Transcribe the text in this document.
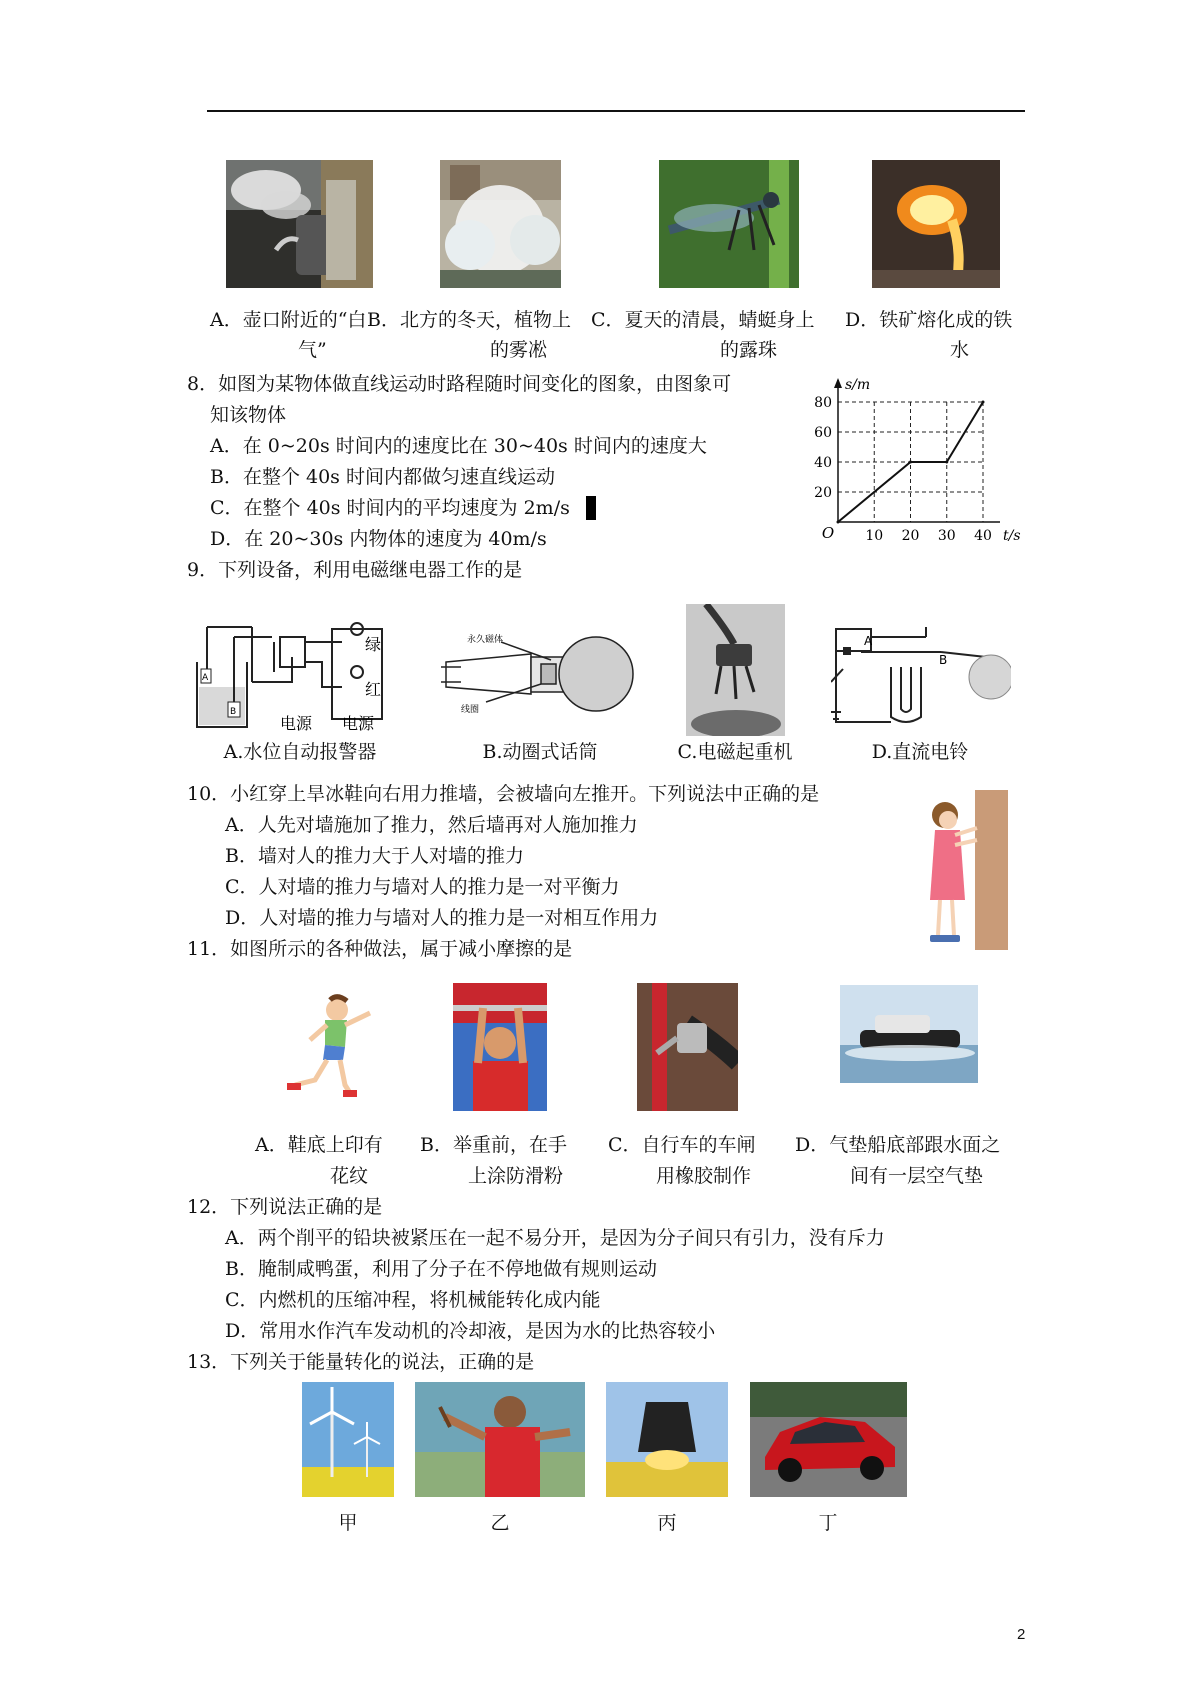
A．壶口附近的“白
气”
B．北方的冬天，植物上
的雾凇
C．夏天的清晨，蜻蜓身上
的露珠
D．铁矿熔化成的铁
水
8．如图为某物体做直线运动时路程随时间变化的图象，由图象可
知该物体
A．在 0~20s 时间内的速度比在 30~40s 时间内的速度大
B．在整个 40s 时间内都做匀速直线运动
C．在整个 40s 时间内的平均速度为 2m/s
D．在 20~30s 内物体的速度为 40m/s	10 20 30 40
20
40
60
80
O
s/m
t/s
9．下列设备，利用电磁继电器工作的是
A
B
绿
红
电源 电源
永久磁体
线圈
A
B
A.水位自动报警器	B.动圈式话筒	C.电磁起重机	D.直流电铃
10．小红穿上旱冰鞋向右用力推墙，会被墙向左推开。下列说法中正确的是
A．人先对墙施加了推力，然后墙再对人施加推力
B．墙对人的推力大于人对墙的推力
C．人对墙的推力与墙对人的推力是一对平衡力
D．人对墙的推力与墙对人的推力是一对相互作用力
11．如图所示的各种做法，属于减小摩擦的是
A．鞋底上印有
花纹
B．举重前，在手
上涂防滑粉
C．自行车的车闸
用橡胶制作
D．气垫船底部跟水面之
间有一层空气垫
12．下列说法正确的是
A．两个削平的铅块被紧压在一起不易分开，是因为分子间只有引力，没有斥力
B．腌制咸鸭蛋，利用了分子在不停地做有规则运动
C．内燃机的压缩冲程，将机械能转化成内能
D．常用水作汽车发动机的冷却液，是因为水的比热容较小
13．下列关于能量转化的说法，正确的是
甲	乙	丙	丁
2
